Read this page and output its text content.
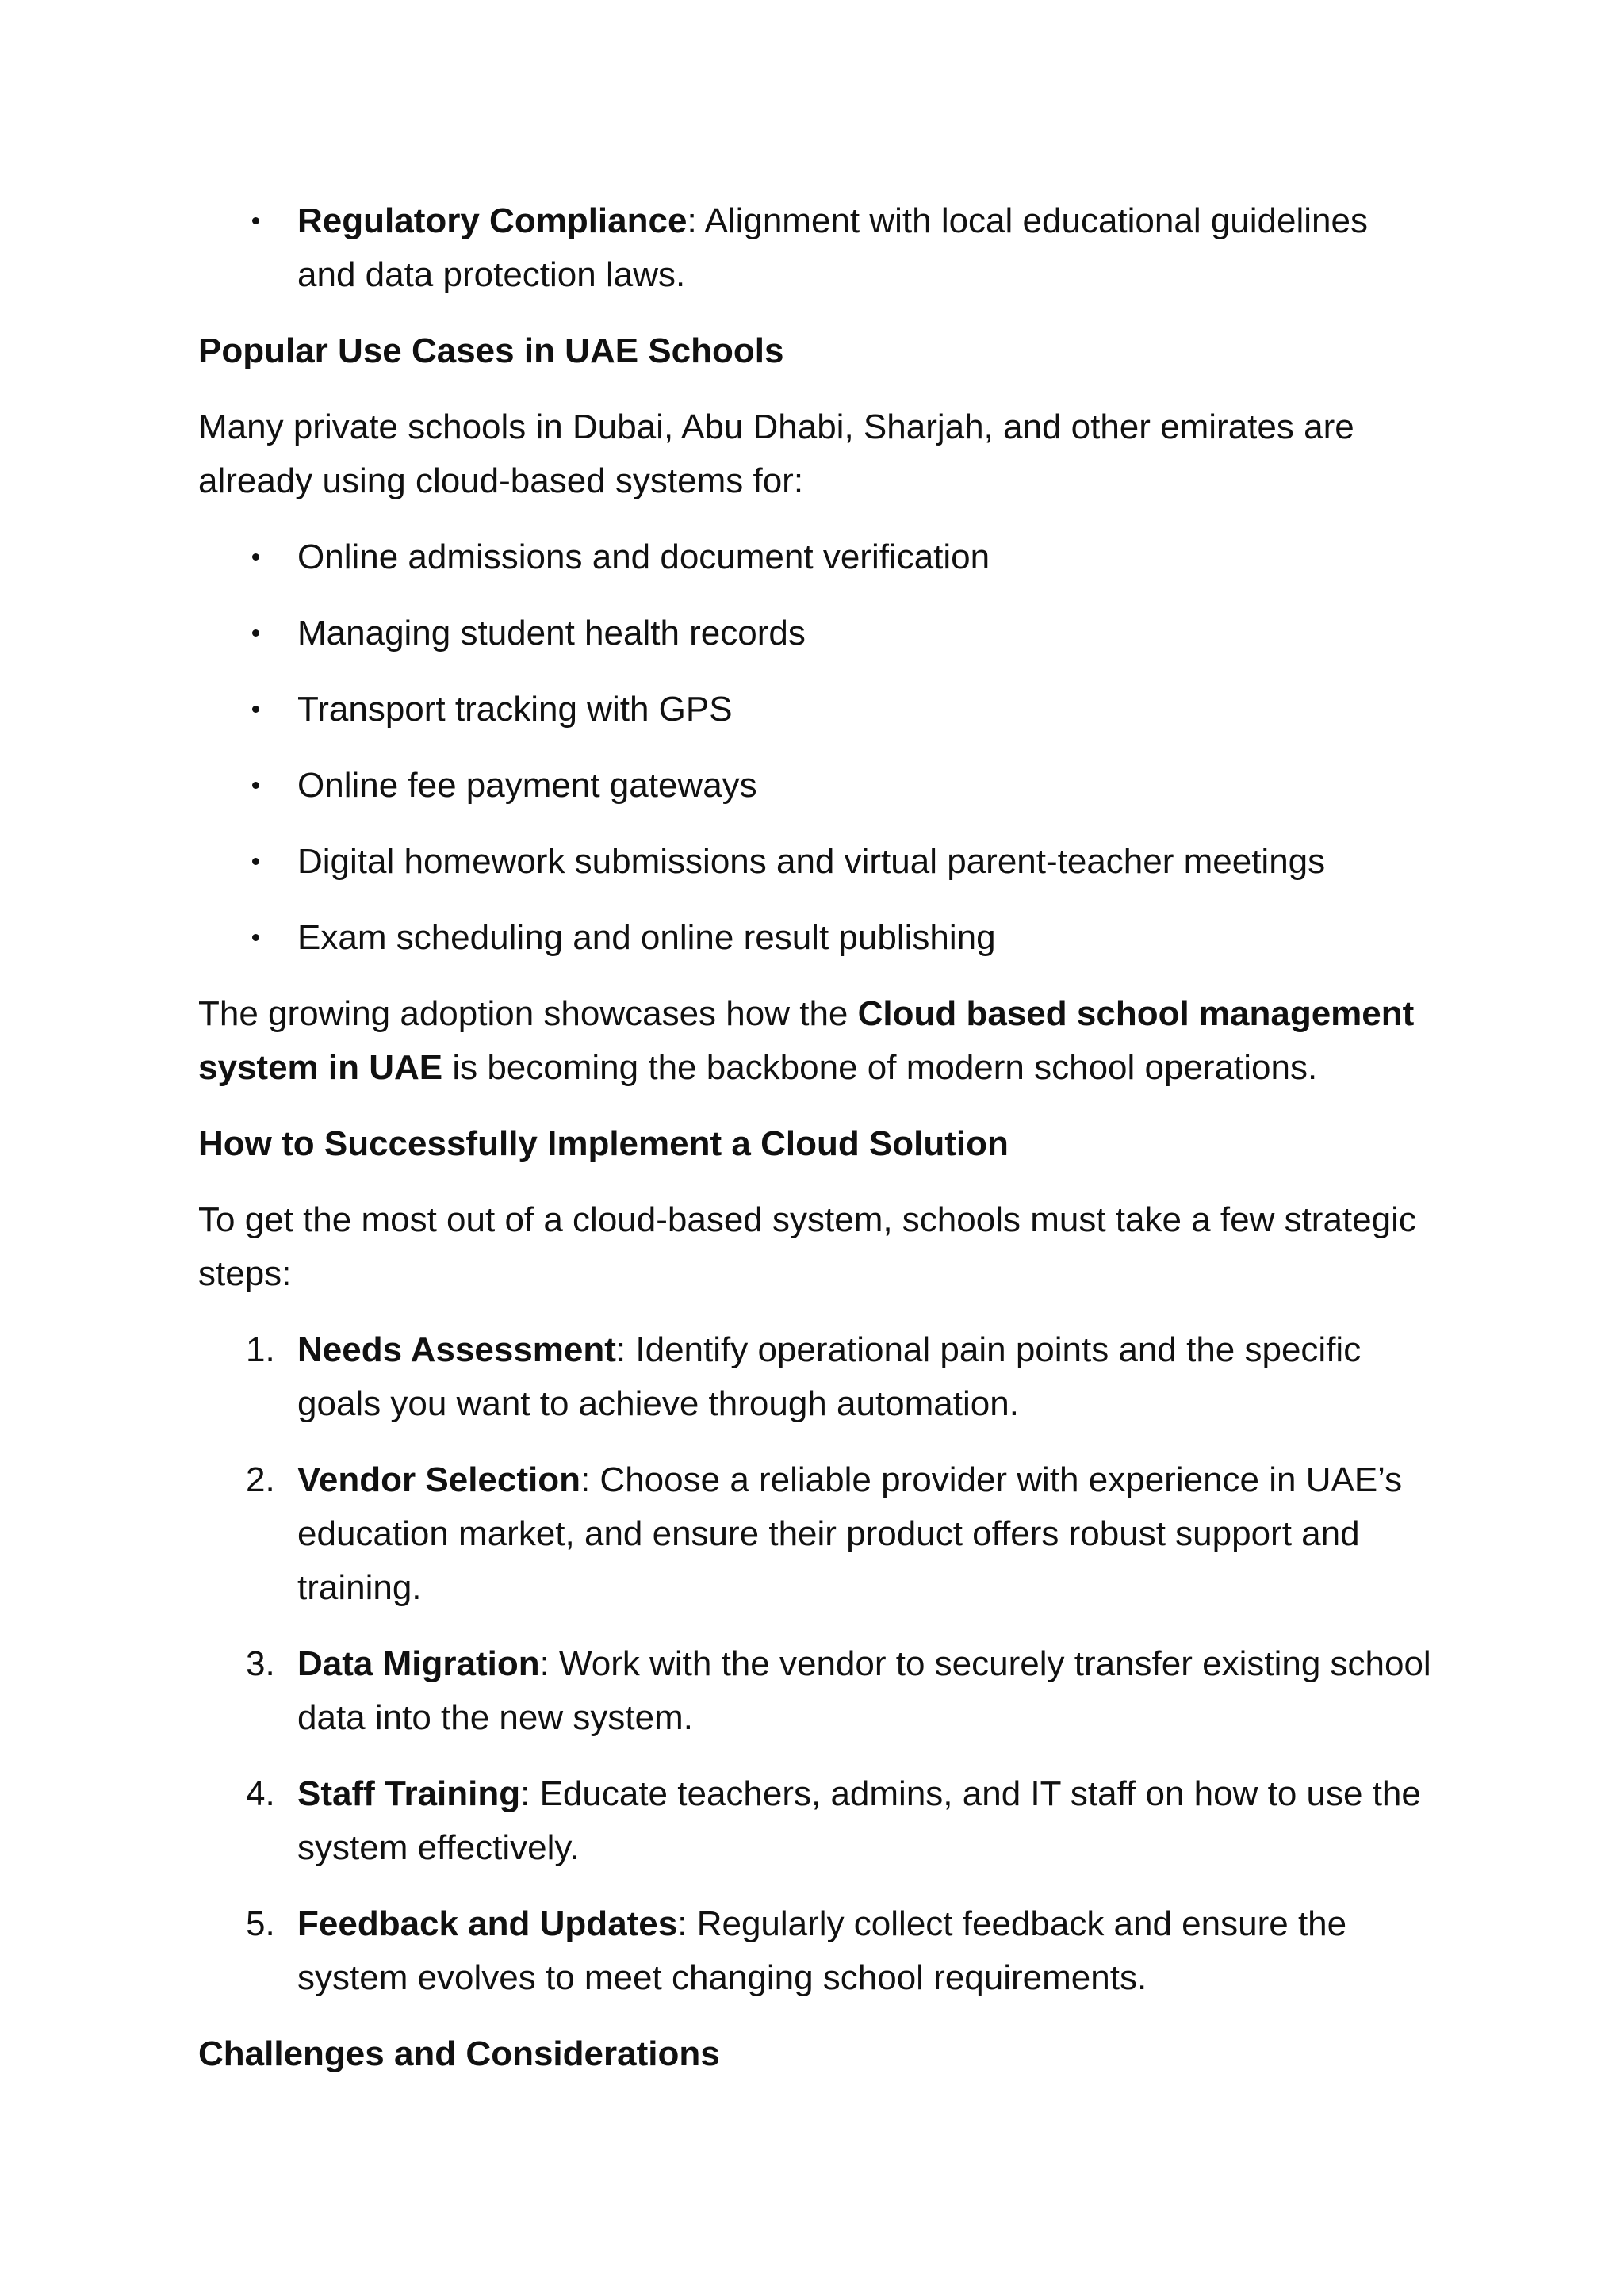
Regulatory Compliance: Alignment with local educational guidelines and data protection laws.

Popular Use Cases in UAE Schools

Many private schools in Dubai, Abu Dhabi, Sharjah, and other emirates are already using cloud-based systems for:

Online admissions and document verification
Managing student health records
Transport tracking with GPS
Online fee payment gateways
Digital homework submissions and virtual parent-teacher meetings
Exam scheduling and online result publishing

The growing adoption showcases how the Cloud based school management system in UAE is becoming the backbone of modern school operations.

How to Successfully Implement a Cloud Solution

To get the most out of a cloud-based system, schools must take a few strategic steps:

1. Needs Assessment: Identify operational pain points and the specific goals you want to achieve through automation.
2. Vendor Selection: Choose a reliable provider with experience in UAE’s education market, and ensure their product offers robust support and training.
3. Data Migration: Work with the vendor to securely transfer existing school data into the new system.
4. Staff Training: Educate teachers, admins, and IT staff on how to use the system effectively.
5. Feedback and Updates: Regularly collect feedback and ensure the system evolves to meet changing school requirements.

Challenges and Considerations
